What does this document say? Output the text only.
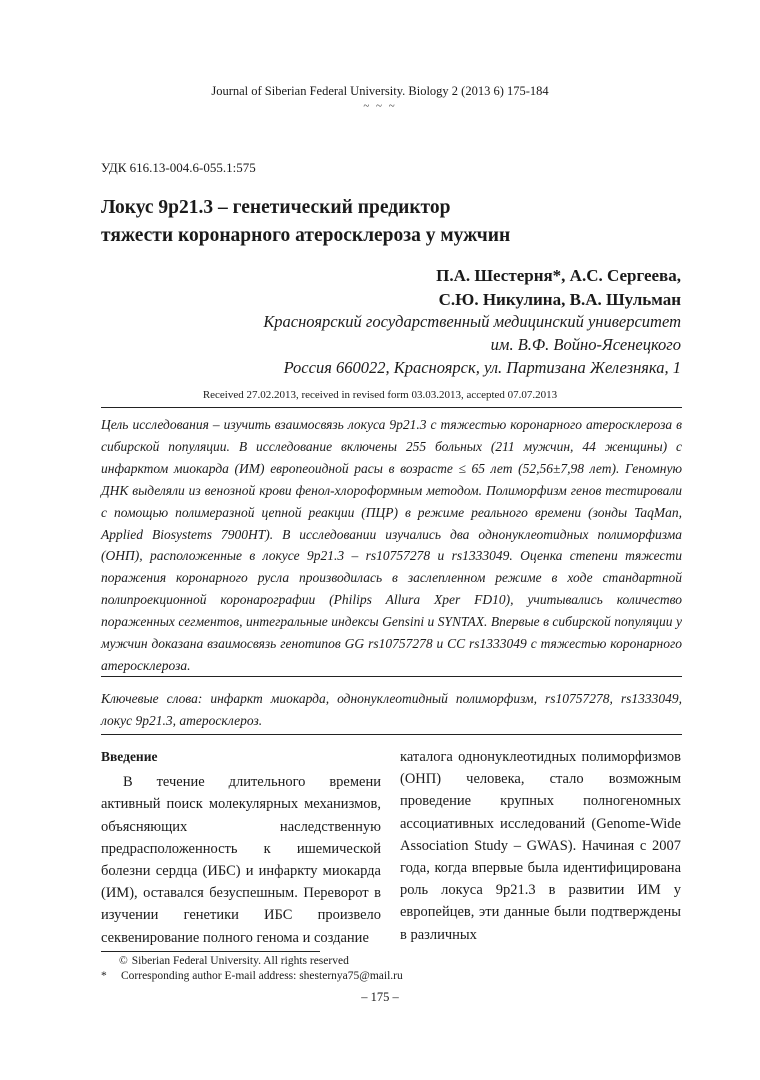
Journal of Siberian Federal University. Biology 2 (2013 6) 175-184
~ ~ ~
УДК 616.13-004.6-055.1:575
Локус 9p21.3 – генетический предиктор
тяжести коронарного атеросклероза у мужчин
П.А. Шестерня*, А.С. Сергеева,
С.Ю. Никулина, В.А. Шульман
Красноярский государственный медицинский университет
им. В.Ф. Войно-Ясенецкого
Россия 660022, Красноярск, ул. Партизана Железняка, 1
Received 27.02.2013, received in revised form 03.03.2013, accepted 07.07.2013
Цель исследования – изучить взаимосвязь локуса 9р21.3 с тяжестью коронарного атеросклероза в сибирской популяции. В исследование включены 255 больных (211 мужчин, 44 женщины) с инфарктом миокарда (ИМ) европеоидной расы в возрасте ≤ 65 лет (52,56±7,98 лет). Геномную ДНК выделяли из венозной крови фенол-хлороформным методом. Полиморфизм генов тестировали с помощью полимеразной цепной реакции (ПЦР) в режиме реального времени (зонды TaqMan, Applied Biosystems 7900HT). В исследовании изучались два однонуклеотидных полиморфизма (ОНП), расположенные в локусе 9р21.3 – rs10757278 и rs1333049. Оценка степени тяжести поражения коронарного русла производилась в заслепленном режиме в ходе стандартной полипроекционной коронарографии (Philips Allura Xper FD10), учитывались количество пораженных сегментов, интегральные индексы Gensini и SYNTAX. Впервые в сибирской популяции у мужчин доказана взаимосвязь генотипов GG rs10757278 и CC rs1333049 с тяжестью коронарного атеросклероза.
Ключевые слова: инфаркт миокарда, однонуклеотидный полиморфизм, rs10757278, rs1333049, локус 9р21.3, атеросклероз.
Введение
В течение длительного времени активный поиск молекулярных механизмов, объясняющих наследственную предрасположенность к ишемической болезни сердца (ИБС) и инфаркту миокарда (ИМ), оставался безуспешным. Переворот в изучении генетики ИБС произвело секвенирование полного генома и создание
каталога однонуклеотидных полиморфизмов (ОНП) человека, стало возможным проведение крупных полногеномных ассоциативных исследований (Genome-Wide Association Study – GWAS). Начиная с 2007 года, когда впервые была идентифицирована роль локуса 9р21.3 в развитии ИМ у европейцев, эти данные были подтверждены в различных
© Siberian Federal University. All rights reserved
* Corresponding author E-mail address: shesternya75@mail.ru
– 175 –
